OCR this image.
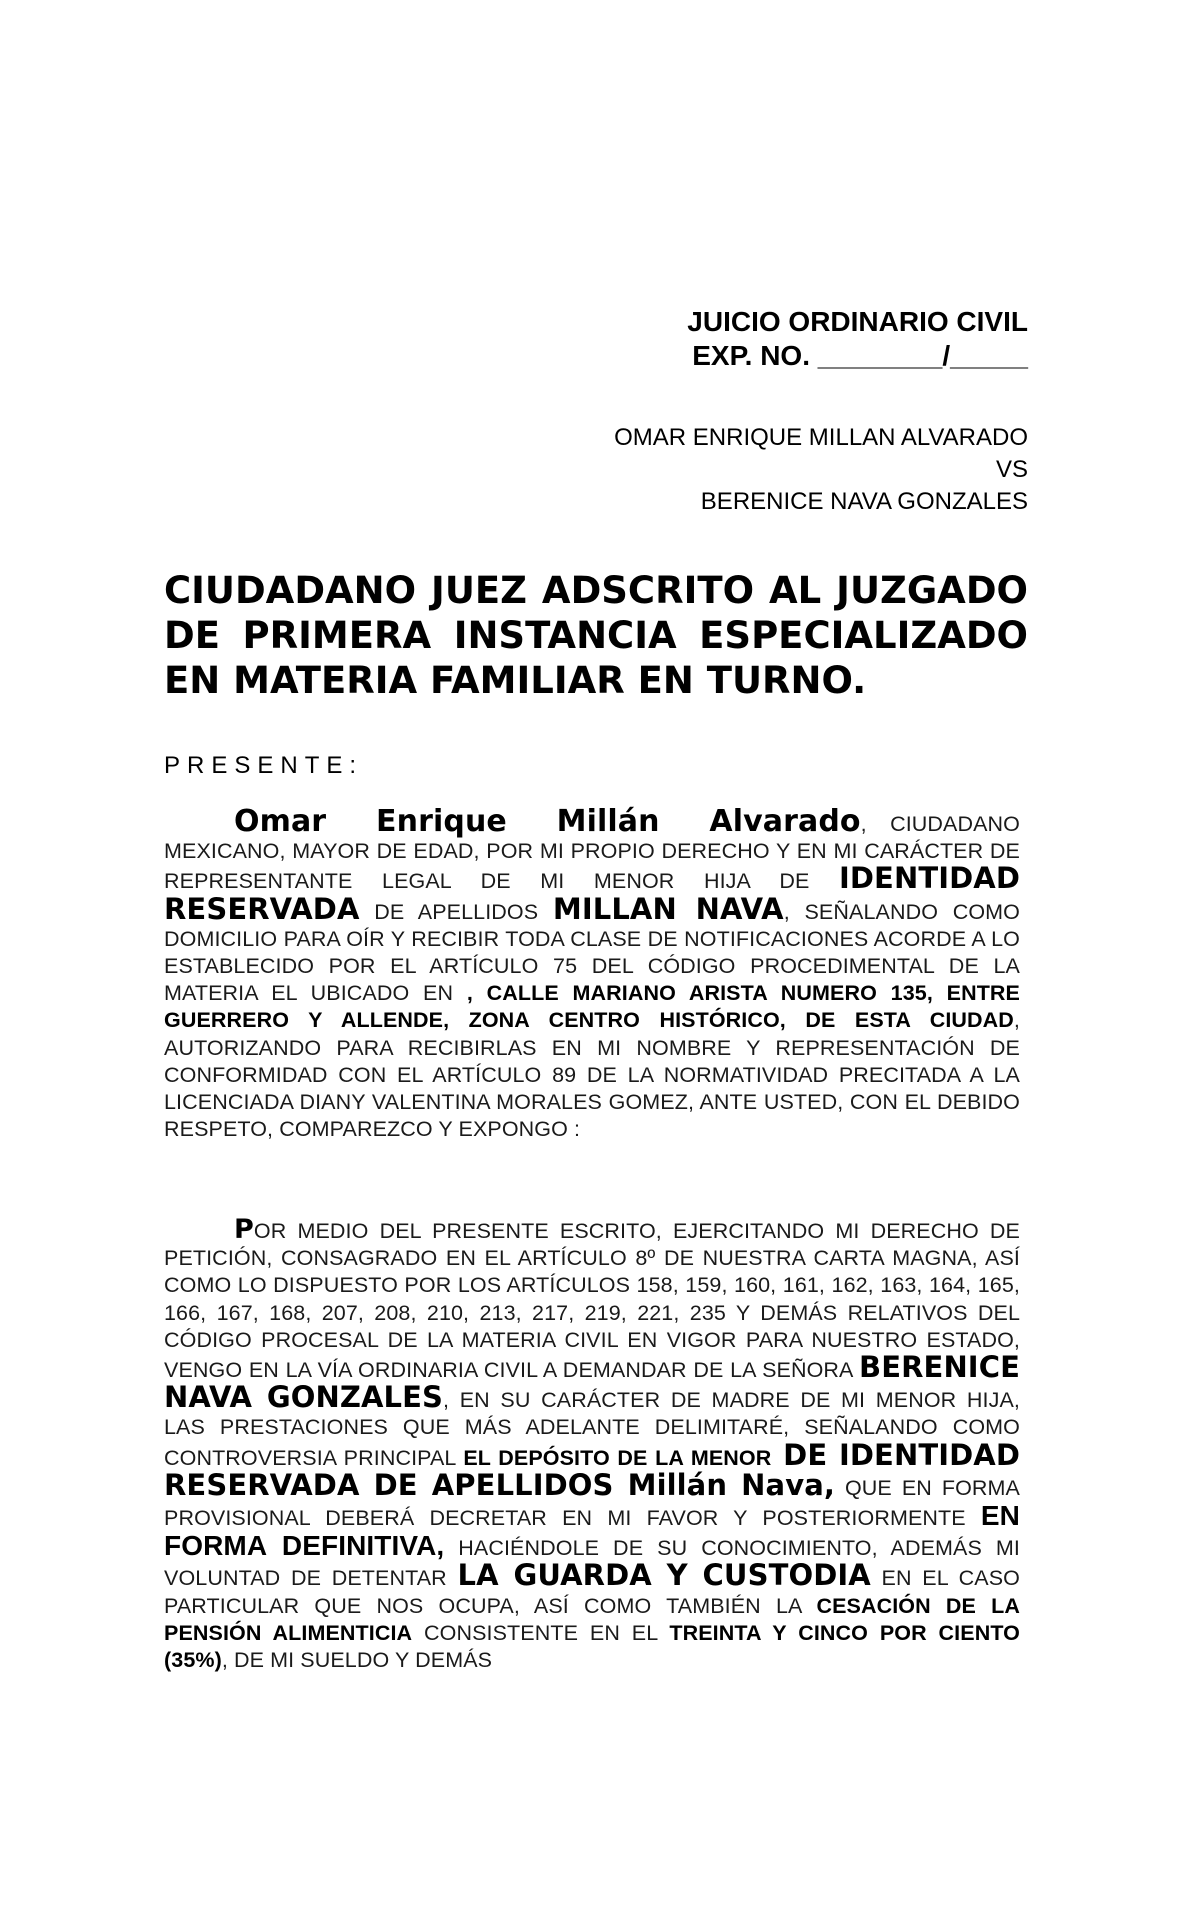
JUICIO ORDINARIO CIVIL
EXP. NO. ________/_____
OMAR ENRIQUE MILLAN ALVARADO
VS
BERENICE NAVA GONZALES
CIUDADANO JUEZ ADSCRITO AL JUZGADO DE PRIMERA INSTANCIA ESPECIALIZADO EN MATERIA FAMILIAR EN TURNO.
PRESENTE:
Omar Enrique Millán Alvarado, CIUDADANO MEXICANO, MAYOR DE EDAD, POR MI PROPIO DERECHO Y EN MI CARÁCTER DE REPRESENTANTE LEGAL DE MI MENOR HIJA DE IDENTIDAD RESERVADA DE APELLIDOS MILLAN NAVA, SEÑALANDO COMO DOMICILIO PARA OÍR Y RECIBIR TODA CLASE DE NOTIFICACIONES ACORDE A LO ESTABLECIDO POR EL ARTÍCULO 75 DEL CÓDIGO PROCEDIMENTAL DE LA MATERIA EL UBICADO EN , CALLE MARIANO ARISTA NUMERO 135, ENTRE GUERRERO Y ALLENDE, ZONA CENTRO HISTÓRICO, DE ESTA CIUDAD, AUTORIZANDO PARA RECIBIRLAS EN MI NOMBRE Y REPRESENTACIÓN DE CONFORMIDAD CON EL ARTÍCULO 89 DE LA NORMATIVIDAD PRECITADA A LA LICENCIADA DIANY VALENTINA MORALES GOMEZ, ANTE USTED, CON EL DEBIDO RESPETO, COMPAREZCO Y EXPONGO :
POR MEDIO DEL PRESENTE ESCRITO, EJERCITANDO MI DERECHO DE PETICIÓN, CONSAGRADO EN EL ARTÍCULO 8º DE NUESTRA CARTA MAGNA, ASÍ COMO LO DISPUESTO POR LOS ARTÍCULOS 158, 159, 160, 161, 162, 163, 164, 165, 166, 167, 168, 207, 208, 210, 213, 217, 219, 221, 235 Y DEMÁS RELATIVOS DEL CÓDIGO PROCESAL DE LA MATERIA CIVIL EN VIGOR PARA NUESTRO ESTADO, VENGO EN LA VÍA ORDINARIA CIVIL A DEMANDAR DE LA SEÑORA BERENICE NAVA GONZALES, EN SU CARÁCTER DE MADRE DE MI MENOR HIJA, LAS PRESTACIONES QUE MÁS ADELANTE DELIMITARÉ, SEÑALANDO COMO CONTROVERSIA PRINCIPAL EL DEPÓSITO DE LA MENOR DE IDENTIDAD RESERVADA DE APELLIDOS Millán Nava, QUE EN FORMA PROVISIONAL DEBERÁ DECRETAR EN MI FAVOR Y POSTERIORMENTE EN FORMA DEFINITIVA, HACIÉNDOLE DE SU CONOCIMIENTO, ADEMÁS MI VOLUNTAD DE DETENTAR LA GUARDA Y CUSTODIA EN EL CASO PARTICULAR QUE NOS OCUPA, ASÍ COMO TAMBIÉN LA CESACIÓN DE LA PENSIÓN ALIMENTICIA CONSISTENTE EN EL TREINTA Y CINCO POR CIENTO (35%), DE MI SUELDO Y DEMÁS
